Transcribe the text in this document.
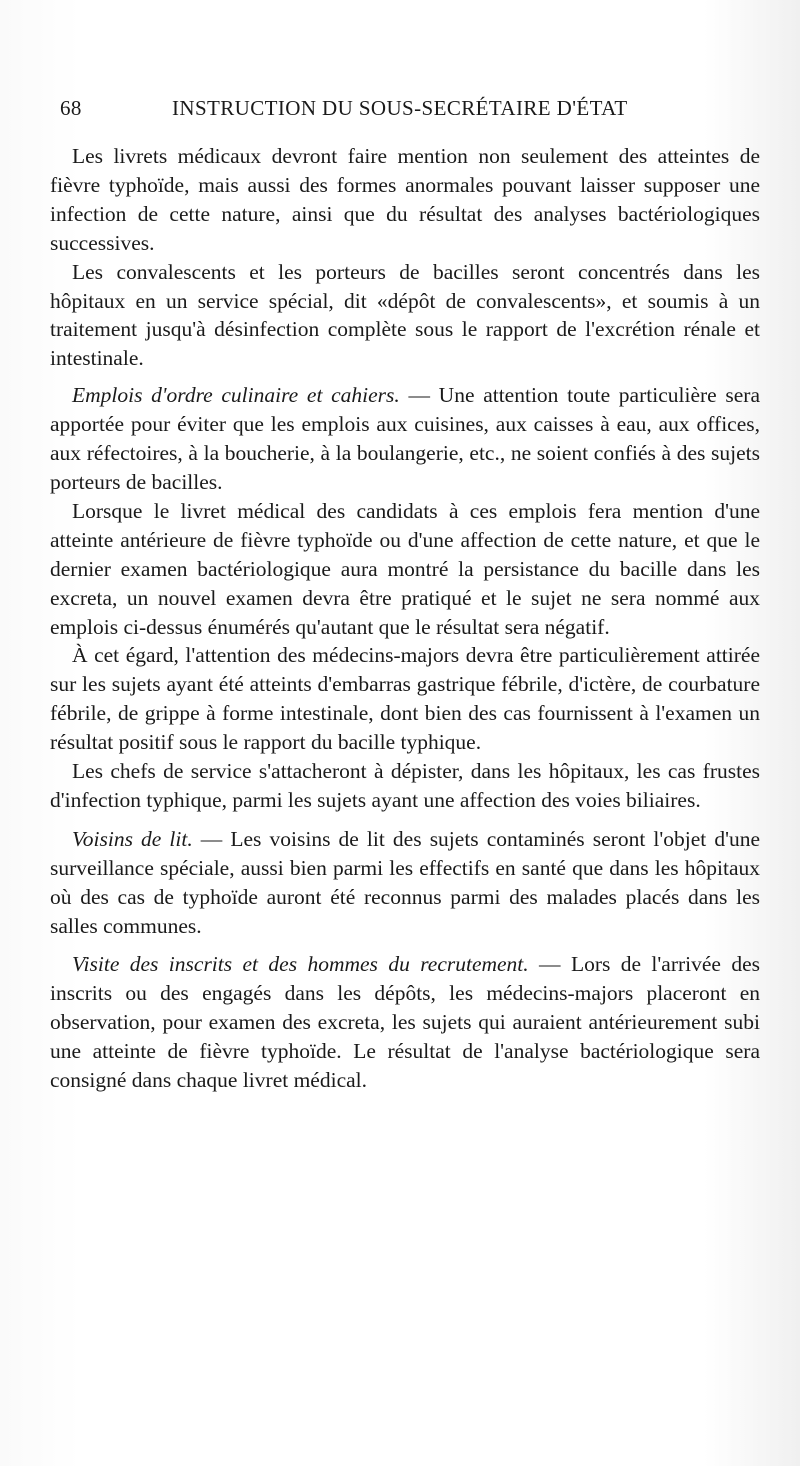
68	INSTRUCTION DU SOUS-SECRÉTAIRE D'ÉTAT

Les livrets médicaux devront faire mention non seulement des atteintes de fièvre typhoïde, mais aussi des formes anormales pouvant laisser supposer une infection de cette nature, ainsi que du résultat des analyses bactériologiques successives.

Les convalescents et les porteurs de bacilles seront concentrés dans les hôpitaux en un service spécial, dit «dépôt de convalescents», et soumis à un traitement jusqu'à désinfection complète sous le rapport de l'excrétion rénale et intestinale.

Emplois d'ordre culinaire et cahiers. — Une attention toute particulière sera apportée pour éviter que les emplois aux cuisines, aux caisses à eau, aux offices, aux réfectoires, à la boucherie, à la boulangerie, etc., ne soient confiés à des sujets porteurs de bacilles.

Lorsque le livret médical des candidats à ces emplois fera mention d'une atteinte antérieure de fièvre typhoïde ou d'une affection de cette nature, et que le dernier examen bactériologique aura montré la persistance du bacille dans les excreta, un nouvel examen devra être pratiqué et le sujet ne sera nommé aux emplois ci-dessus énumérés qu'autant que le résultat sera négatif.

À cet égard, l'attention des médecins-majors devra être particulièrement attirée sur les sujets ayant été atteints d'embarras gastrique fébrile, d'ictère, de courbature fébrile, de grippe à forme intestinale, dont bien des cas fournissent à l'examen un résultat positif sous le rapport du bacille typhique.

Les chefs de service s'attacheront à dépister, dans les hôpitaux, les cas frustes d'infection typhique, parmi les sujets ayant une affection des voies biliaires.

Voisins de lit. — Les voisins de lit des sujets contaminés seront l'objet d'une surveillance spéciale, aussi bien parmi les effectifs en santé que dans les hôpitaux où des cas de typhoïde auront été reconnus parmi des malades placés dans les salles communes.

Visite des inscrits et des hommes du recrutement. — Lors de l'arrivée des inscrits ou des engagés dans les dépôts, les médecins-majors placeront en observation, pour examen des excreta, les sujets qui auraient antérieurement subi une atteinte de fièvre typhoïde. Le résultat de l'analyse bactériologique sera consigné dans chaque livret médical.
